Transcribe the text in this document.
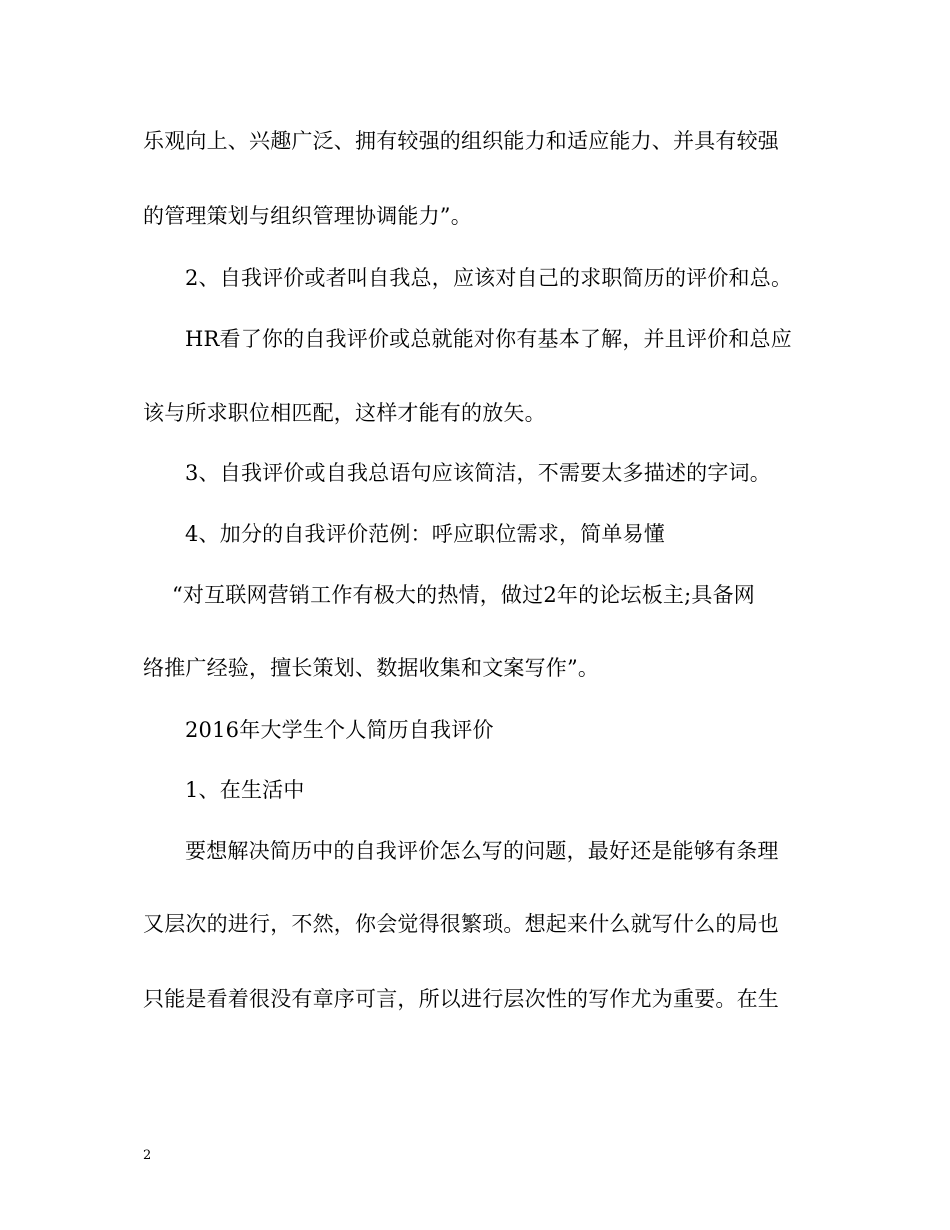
乐观向上、兴趣广泛、拥有较强的组织能力和适应能力、并具有较强
的管理策划与组织管理协调能力”。
2、自我评价或者叫自我总，应该对自己的求职简历的评价和总。
HR看了你的自我评价或总就能对你有基本了解，并且评价和总应
该与所求职位相匹配，这样才能有的放矢。
3、自我评价或自我总语句应该简洁，不需要太多描述的字词。
4、加分的自我评价范例：呼应职位需求，简单易懂
“对互联网营销工作有极大的热情，做过2年的论坛板主;具备网
络推广经验，擅长策划、数据收集和文案写作”。
2016年大学生个人简历自我评价
1、在生活中
要想解决简历中的自我评价怎么写的问题，最好还是能够有条理
又层次的进行，不然，你会觉得很繁琐。想起来什么就写什么的局也
只能是看着很没有章序可言，所以进行层次性的写作尤为重要。在生
2
